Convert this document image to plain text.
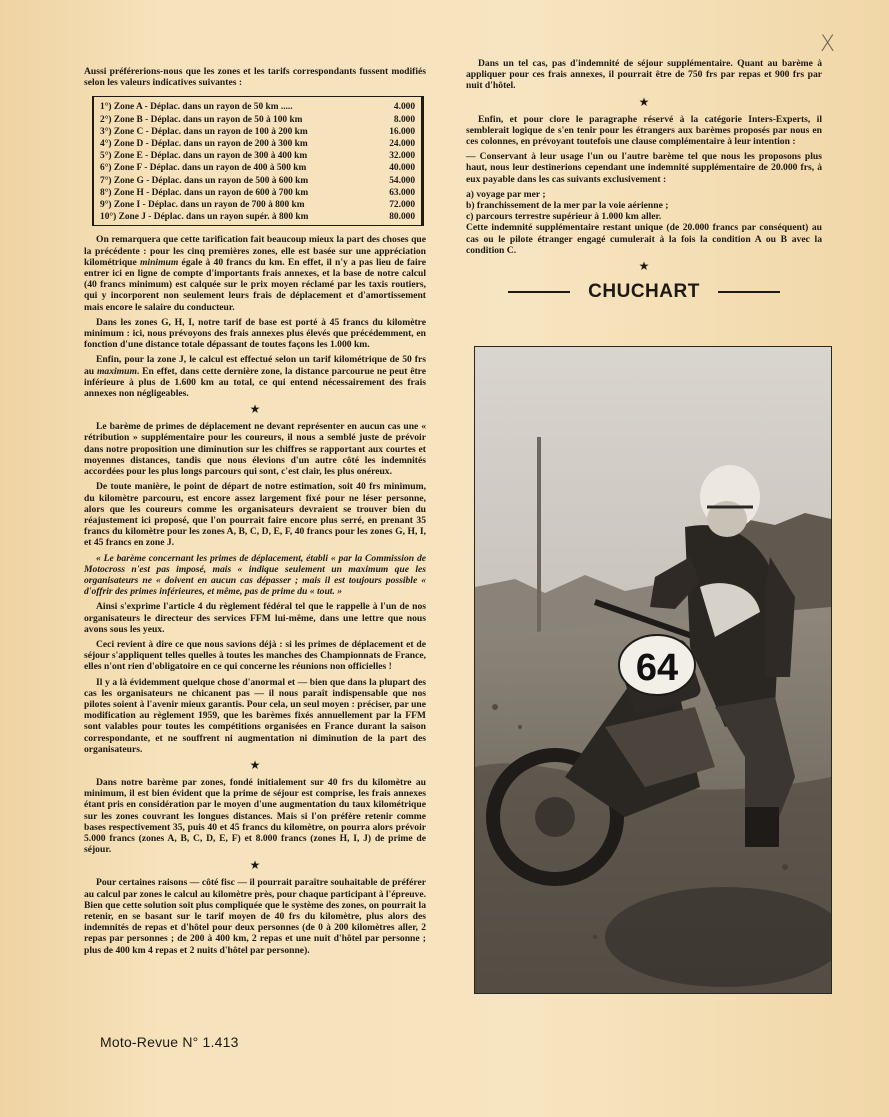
X

Aussi préférerions-nous que les zones et les tarifs correspondants fussent modifiés selon les valeurs indicatives suivantes :

1°) Zone A - Déplac. dans un rayon de 50 km .....	4.000
2°) Zone B - Déplac. dans un rayon de 50 à 100 km	8.000
3°) Zone C - Déplac. dans un rayon de 100 à 200 km	16.000
4°) Zone D - Déplac. dans un rayon de 200 à 300 km	24.000
5°) Zone E - Déplac. dans un rayon de 300 à 400 km	32.000
6°) Zone F - Déplac. dans un rayon de 400 à 500 km	40.000
7°) Zone G - Déplac. dans un rayon de 500 à 600 km	54.000
8°) Zone H - Déplac. dans un rayon de 600 à 700 km	63.000
9°) Zone I - Déplac. dans un rayon de 700 à 800 km	72.000
10°) Zone J - Déplac. dans un rayon supér. à 800 km	80.000

On remarquera que cette tarification fait beaucoup mieux la part des choses que la précédente : pour les cinq premières zones, elle est basée sur une appréciation kilométrique minimum égale à 40 francs du km. En effet, il n'y a pas lieu de faire entrer ici en ligne de compte d'importants frais annexes, et la base de notre calcul (40 francs minimum) est calquée sur le prix moyen réclamé par les taxis routiers, qui y incorporent non seulement leurs frais de déplacement et d'amortissement mais encore le salaire du conducteur.

Dans les zones G, H, I, notre tarif de base est porté à 45 francs du kilomètre minimum : ici, nous prévoyons des frais annexes plus élevés que précédemment, en fonction d'une distance totale dépassant de toutes façons les 1.000 km.

Enfin, pour la zone J, le calcul est effectué selon un tarif kilométrique de 50 frs au maximum. En effet, dans cette dernière zone, la distance parcourue ne peut être inférieure à plus de 1.600 km au total, ce qui entend nécessairement des frais annexes non négligeables.

★

Le barème de primes de déplacement ne devant représenter en aucun cas une « rétribution » supplémentaire pour les coureurs, il nous a semblé juste de prévoir dans notre proposition une diminution sur les chiffres se rapportant aux courtes et moyennes distances, tandis que nous élevions d'un autre côté les indemnités accordées pour les plus longs parcours qui sont, c'est clair, les plus onéreux.

De toute manière, le point de départ de notre estimation, soit 40 frs minimum, du kilomètre parcouru, est encore assez largement fixé pour ne léser personne, alors que les coureurs comme les organisateurs devraient se trouver bien du réajustement ici proposé, que l'on pourrait faire encore plus serré, en prenant 35 francs du kilomètre pour les zones A, B, C, D, E, F, 40 francs pour les zones G, H, I, et 45 francs en zone J.

« Le barème concernant les primes de déplacement, établi « par la Commission de Motocross n'est pas imposé, mais « indique seulement un maximum que les organisateurs ne « doivent en aucun cas dépasser ; mais il est toujours possible « d'offrir des primes inférieures, et même, pas de prime du « tout. »

Ainsi s'exprime l'article 4 du règlement fédéral tel que le rappelle à l'un de nos organisateurs le directeur des services FFM lui-même, dans une lettre que nous avons sous les yeux.

Ceci revient à dire ce que nous savions déjà : si les primes de déplacement et de séjour s'appliquent telles quelles à toutes les manches des Championnats de France, elles n'ont rien d'obligatoire en ce qui concerne les réunions non officielles !

Il y a là évidemment quelque chose d'anormal et — bien que dans la plupart des cas les organisateurs ne chicanent pas — il nous paraît indispensable que nos pilotes soient à l'avenir mieux garantis. Pour cela, un seul moyen : préciser, par une modification au règlement 1959, que les barèmes fixés annuellement par la FFM sont valables pour toutes les compétitions organisées en France durant la saison correspondante, et ne souffrent ni augmentation ni diminution de la part des organisateurs.

★

Dans notre barème par zones, fondé initialement sur 40 frs du kilomètre au minimum, il est bien évident que la prime de séjour est comprise, les frais annexes étant pris en considération par le moyen d'une augmentation du taux kilométrique sur les zones couvrant les longues distances. Mais si l'on préfère retenir comme bases respectivement 35, puis 40 et 45 francs du kilomètre, on pourra alors prévoir 5.000 francs (zones A, B, C, D, E, F) et 8.000 francs (zones H, I, J) de prime de séjour.

★

Pour certaines raisons — côté fisc — il pourrait paraître souhaitable de préférer au calcul par zones le calcul au kilomètre près, pour chaque participant à l'épreuve. Bien que cette solution soit plus compliquée que le système des zones, on pourrait la retenir, en se basant sur le tarif moyen de 40 frs du kilomètre, plus alors des indemnités de repas et d'hôtel pour deux personnes (de 0 à 200 kilomètres aller, 2 repas par personnes ; de 200 à 400 km, 2 repas et une nuit d'hôtel par personne ; plus de 400 km 4 repas et 2 nuits d'hôtel par personne).

Dans un tel cas, pas d'indemnité de séjour supplémentaire. Quant au barème à appliquer pour ces frais annexes, il pourrait être de 750 frs par repas et 900 frs par nuit d'hôtel.

★

Enfin, et pour clore le paragraphe réservé à la catégorie Inters-Experts, il semblerait logique de s'en tenir pour les étrangers aux barèmes proposés par nous en ces colonnes, en prévoyant toutefois une clause complémentaire à leur intention :

— Conservant à leur usage l'un ou l'autre barème tel que nous les proposons plus haut, nous leur destinerions cependant une indemnité supplémentaire de 20.000 frs, à eux payable dans les cas suivants exclusivement :

a) voyage par mer ;

b) franchissement de la mer par la voie aérienne ;

c) parcours terrestre supérieur à 1.000 km aller.

Cette indemnité supplémentaire restant unique (de 20.000 francs par conséquent) au cas ou le pilote étranger engagé cumulerait à la fois la condition A ou B avec la condition C.

★
CHUCHART
64
Moto-Revue N° 1.413
